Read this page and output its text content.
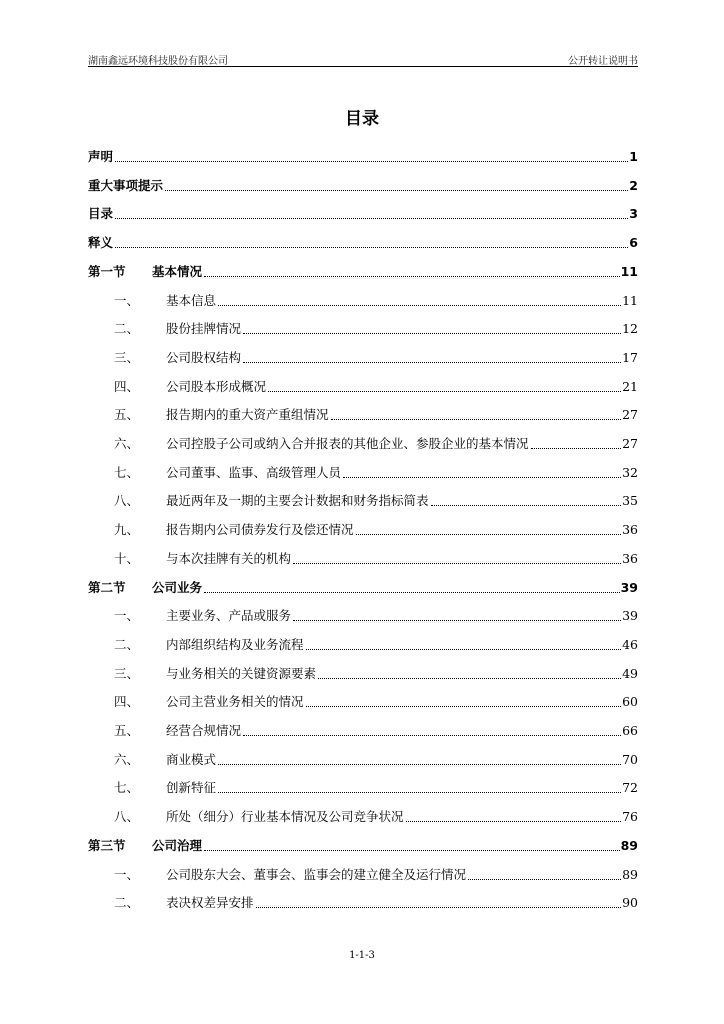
湖南鑫远环境科技股份有限公司	公开转让说明书
目录
声明	1
重大事项提示	2
目录	3
释义	6
第一节	基本情况	11
一、	基本信息	11
二、	股份挂牌情况	12
三、	公司股权结构	17
四、	公司股本形成概况	21
五、	报告期内的重大资产重组情况	27
六、	公司控股子公司或纳入合并报表的其他企业、参股企业的基本情况	27
七、	公司董事、监事、高级管理人员	32
八、	最近两年及一期的主要会计数据和财务指标简表	35
九、	报告期内公司债券发行及偿还情况	36
十、	与本次挂牌有关的机构	36
第二节	公司业务	39
一、	主要业务、产品或服务	39
二、	内部组织结构及业务流程	46
三、	与业务相关的关键资源要素	49
四、	公司主营业务相关的情况	60
五、	经营合规情况	66
六、	商业模式	70
七、	创新特征	72
八、	所处（细分）行业基本情况及公司竞争状况	76
第三节	公司治理	89
一、	公司股东大会、董事会、监事会的建立健全及运行情况	89
二、	表决权差异安排	90
1-1-3
